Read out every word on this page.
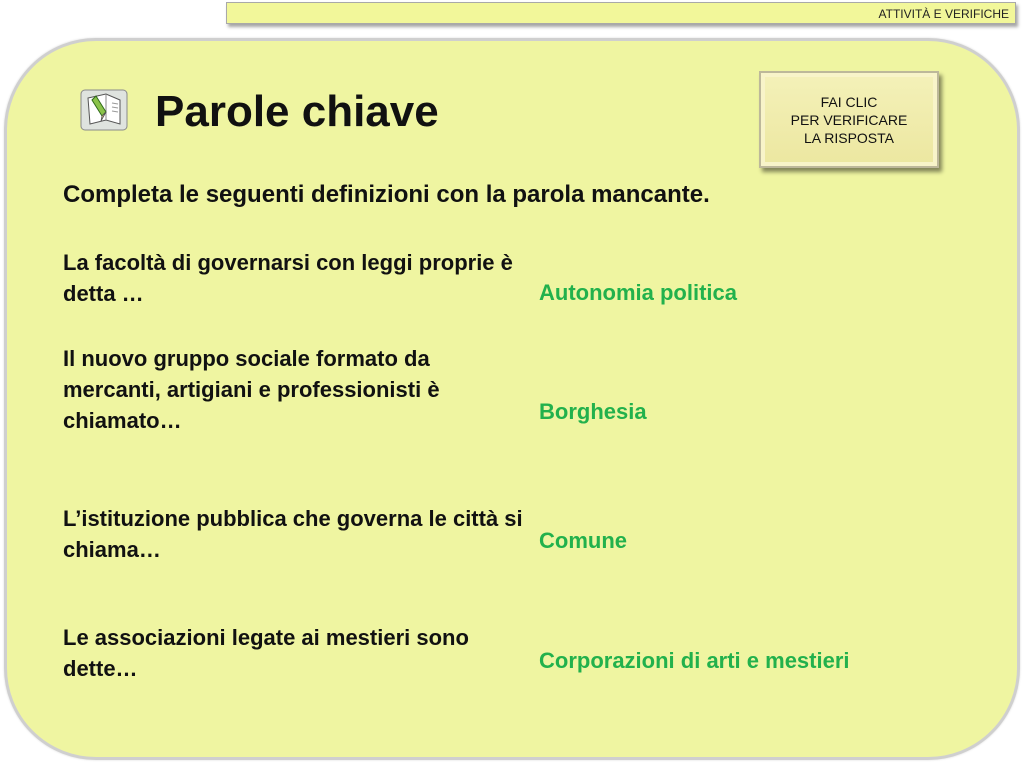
ATTIVITÀ E VERIFICHE
Parole chiave	FAI CLIC
PER VERIFICARE
LA RISPOSTA

Completa le seguenti definizioni con la parola mancante.

La facoltà di governarsi con leggi proprie è detta …	Autonomia politica

Il nuovo gruppo sociale formato da mercanti, artigiani e professionisti è chiamato…	Borghesia

L’istituzione pubblica che governa le città si chiama…	Comune

Le associazioni legate ai mestieri sono dette…	Corporazioni di arti e mestieri
